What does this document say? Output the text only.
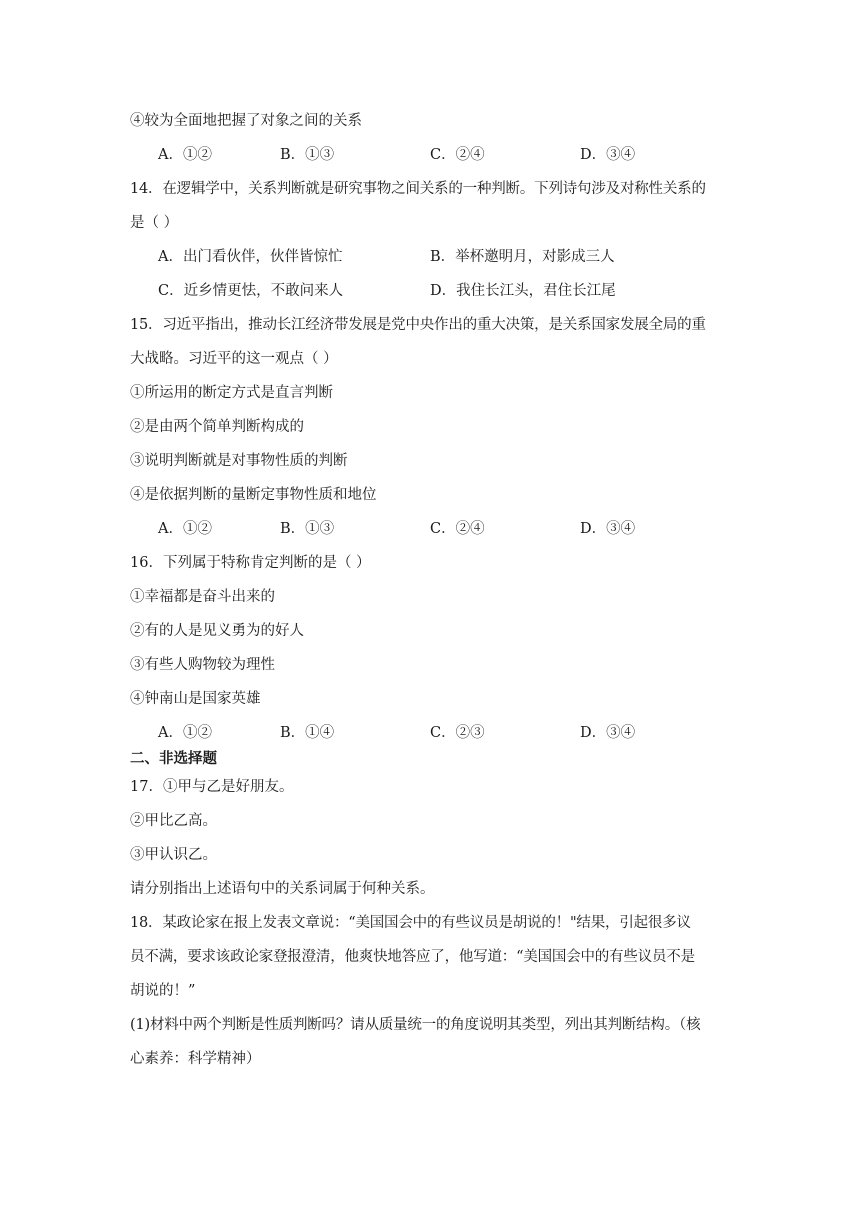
④较为全面地把握了对象之间的关系
A．①②	B．①③	C．②④	D．③④
14．在逻辑学中，关系判断就是研究事物之间关系的一种判断。下列诗句涉及对称性关系的
是（ ）
A．出门看伙伴，伙伴皆惊忙	B．举杯邀明月，对影成三人
C．近乡情更怯，不敢问来人	D．我住长江头，君住长江尾
15．习近平指出，推动长江经济带发展是党中央作出的重大决策，是关系国家发展全局的重
大战略。习近平的这一观点（ ）
①所运用的断定方式是直言判断
②是由两个简单判断构成的
③说明判断就是对事物性质的判断
④是依据判断的量断定事物性质和地位
A．①②	B．①③	C．②④	D．③④
16．下列属于特称肯定判断的是（ ）
①幸福都是奋斗出来的
②有的人是见义勇为的好人
③有些人购物较为理性
④钟南山是国家英雄
A．①②	B．①④	C．②③	D．③④
二、非选择题
17．①甲与乙是好朋友。
②甲比乙高。
③甲认识乙。
请分别指出上述语句中的关系词属于何种关系。
18．某政论家在报上发表文章说：“美国国会中的有些议员是胡说的！"结果，引起很多议
员不满，要求该政论家登报澄清，他爽快地答应了，他写道：“美国国会中的有些议员不是
胡说的！”
(1)材料中两个判断是性质判断吗？请从质量统一的角度说明其类型，列出其判断结构。（核
心素养：科学精神）
